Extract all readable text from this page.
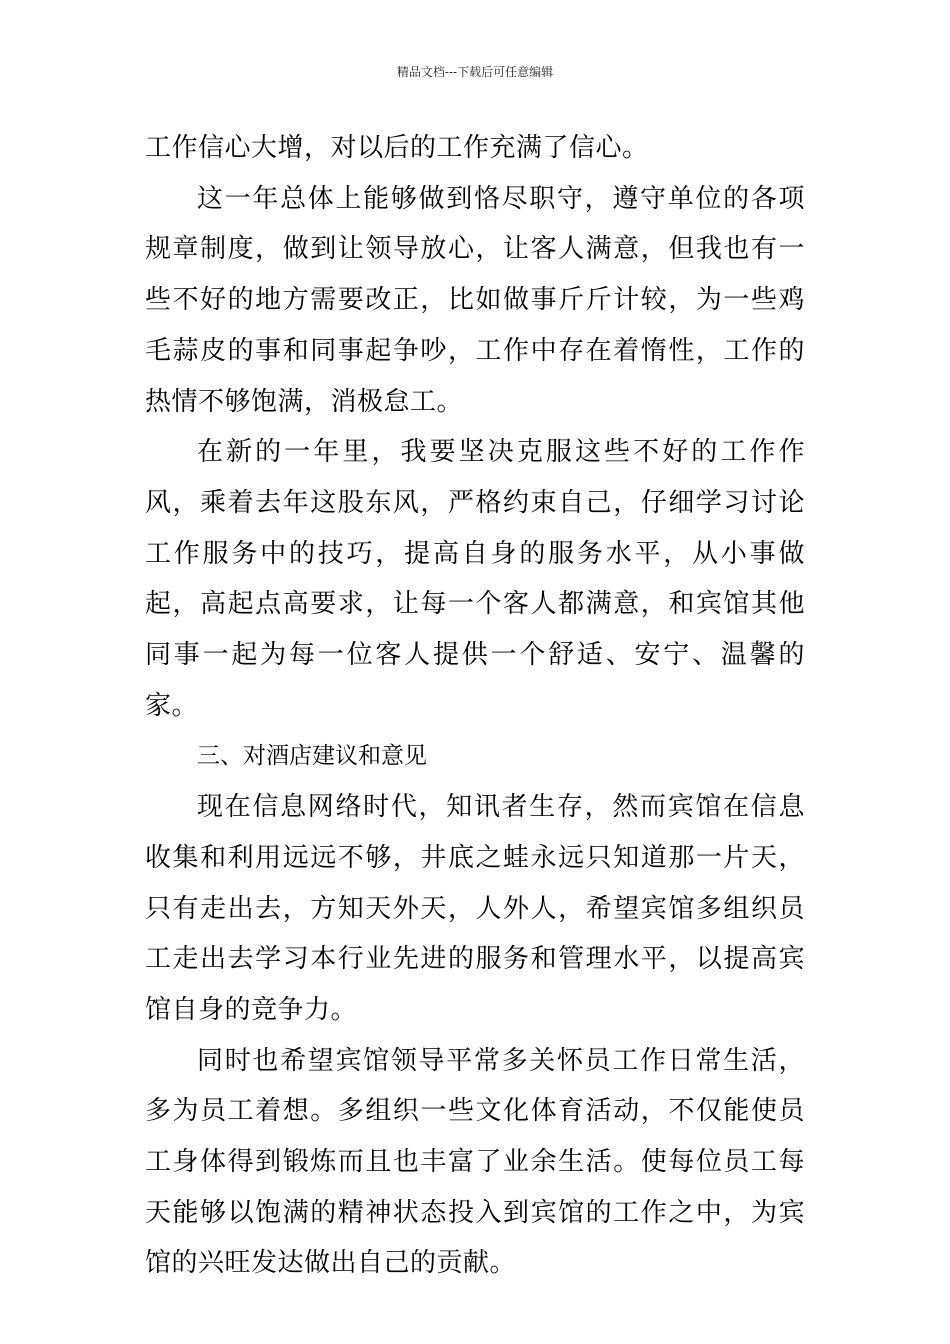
精品文档---下载后可任意编辑

工作信心大增，对以后的工作充满了信心。

这一年总体上能够做到恪尽职守，遵守单位的各项规章制度，做到让领导放心，让客人满意，但我也有一些不好的地方需要改正，比如做事斤斤计较，为一些鸡毛蒜皮的事和同事起争吵，工作中存在着惰性，工作的热情不够饱满，消极怠工。

在新的一年里，我要坚决克服这些不好的工作作风，乘着去年这股东风，严格约束自己，仔细学习讨论工作服务中的技巧，提高自身的服务水平，从小事做起，高起点高要求，让每一个客人都满意，和宾馆其他同事一起为每一位客人提供一个舒适、安宁、温馨的家。

三、对酒店建议和意见

现在信息网络时代，知讯者生存，然而宾馆在信息收集和利用远远不够，井底之蛙永远只知道那一片天，只有走出去，方知天外天，人外人，希望宾馆多组织员工走出去学习本行业先进的服务和管理水平，以提高宾馆自身的竞争力。

同时也希望宾馆领导平常多关怀员工作日常生活，多为员工着想。多组织一些文化体育活动，不仅能使员工身体得到锻炼而且也丰富了业余生活。使每位员工每天能够以饱满的精神状态投入到宾馆的工作之中，为宾馆的兴旺发达做出自己的贡献。
